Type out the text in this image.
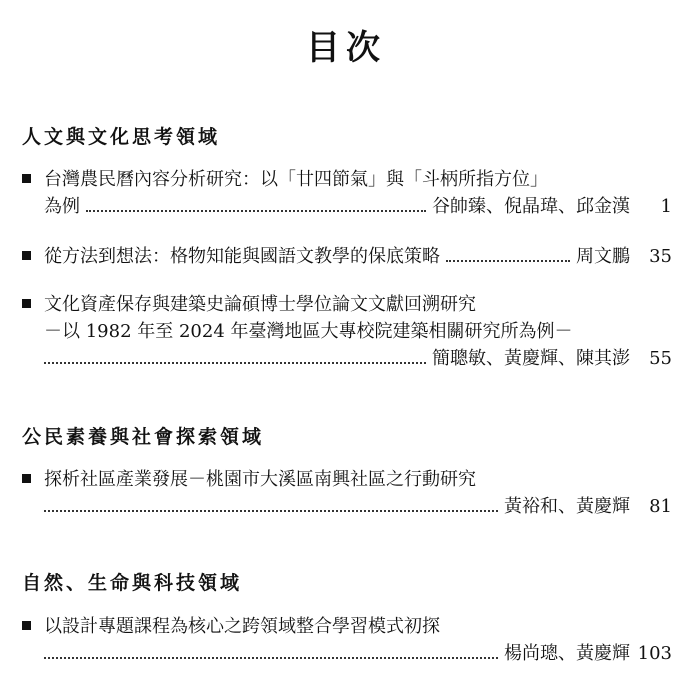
目次
人文與文化思考領域
台灣農民曆內容分析研究：以「廿四節氣」與「斗柄所指方位」
為例	谷帥臻、倪晶瑋、邱金漢	1
從方法到想法：格物知能與國語文教學的保底策略	周文鵬	35
文化資產保存與建築史論碩博士學位論文文獻回溯研究
－以 1982 年至 2024 年臺灣地區大專校院建築相關研究所為例－
簡聰敏、黃慶輝、陳其澎	55
公民素養與社會探索領域
探析社區產業發展－桃園市大溪區南興社區之行動研究
黃裕和、黃慶輝	81
自然、生命與科技領域
以設計專題課程為核心之跨領域整合學習模式初探
楊尚璁、黃慶輝 103
